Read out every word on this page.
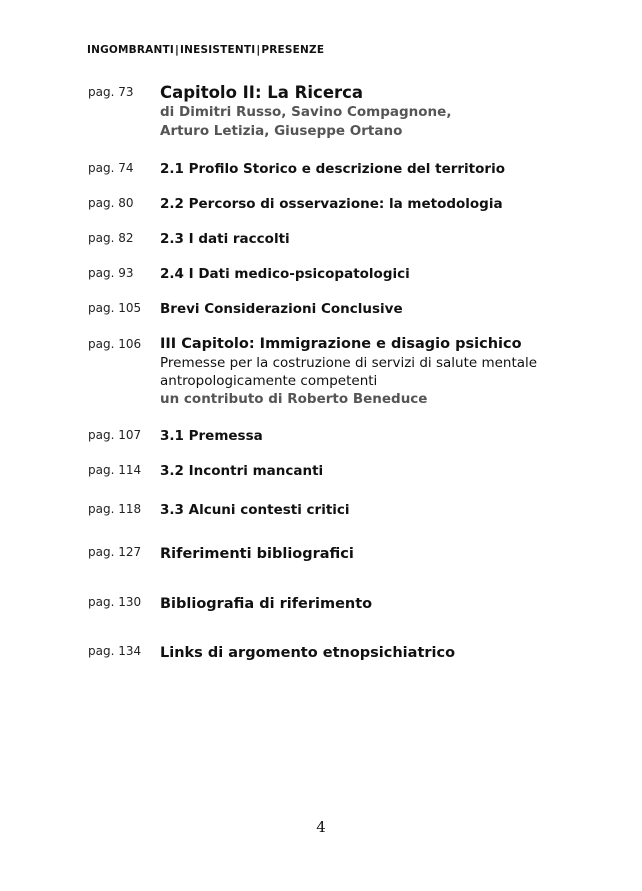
INGOMBRANTI|INESISTENTI|PRESENZE
pag. 73 Capitolo II: La Ricerca
di Dimitri Russo, Savino Compagnone,
Arturo Letizia, Giuseppe Ortano
pag. 74 2.1 Profilo Storico e descrizione del territorio
pag. 80 2.2 Percorso di osservazione: la metodologia
pag. 82 2.3 I dati raccolti
pag. 93 2.4 I Dati medico-psicopatologici
pag. 105 Brevi Considerazioni Conclusive
pag. 106 III Capitolo: Immigrazione e disagio psichico
Premesse per la costruzione di servizi di salute mentale
antropologicamente competenti
un contributo di Roberto Beneduce
pag. 107 3.1 Premessa
pag. 114 3.2 Incontri mancanti
pag. 118 3.3 Alcuni contesti critici
pag. 127 Riferimenti bibliografici
pag. 130 Bibliografia di riferimento
pag. 134 Links di argomento etnopsichiatrico
4
